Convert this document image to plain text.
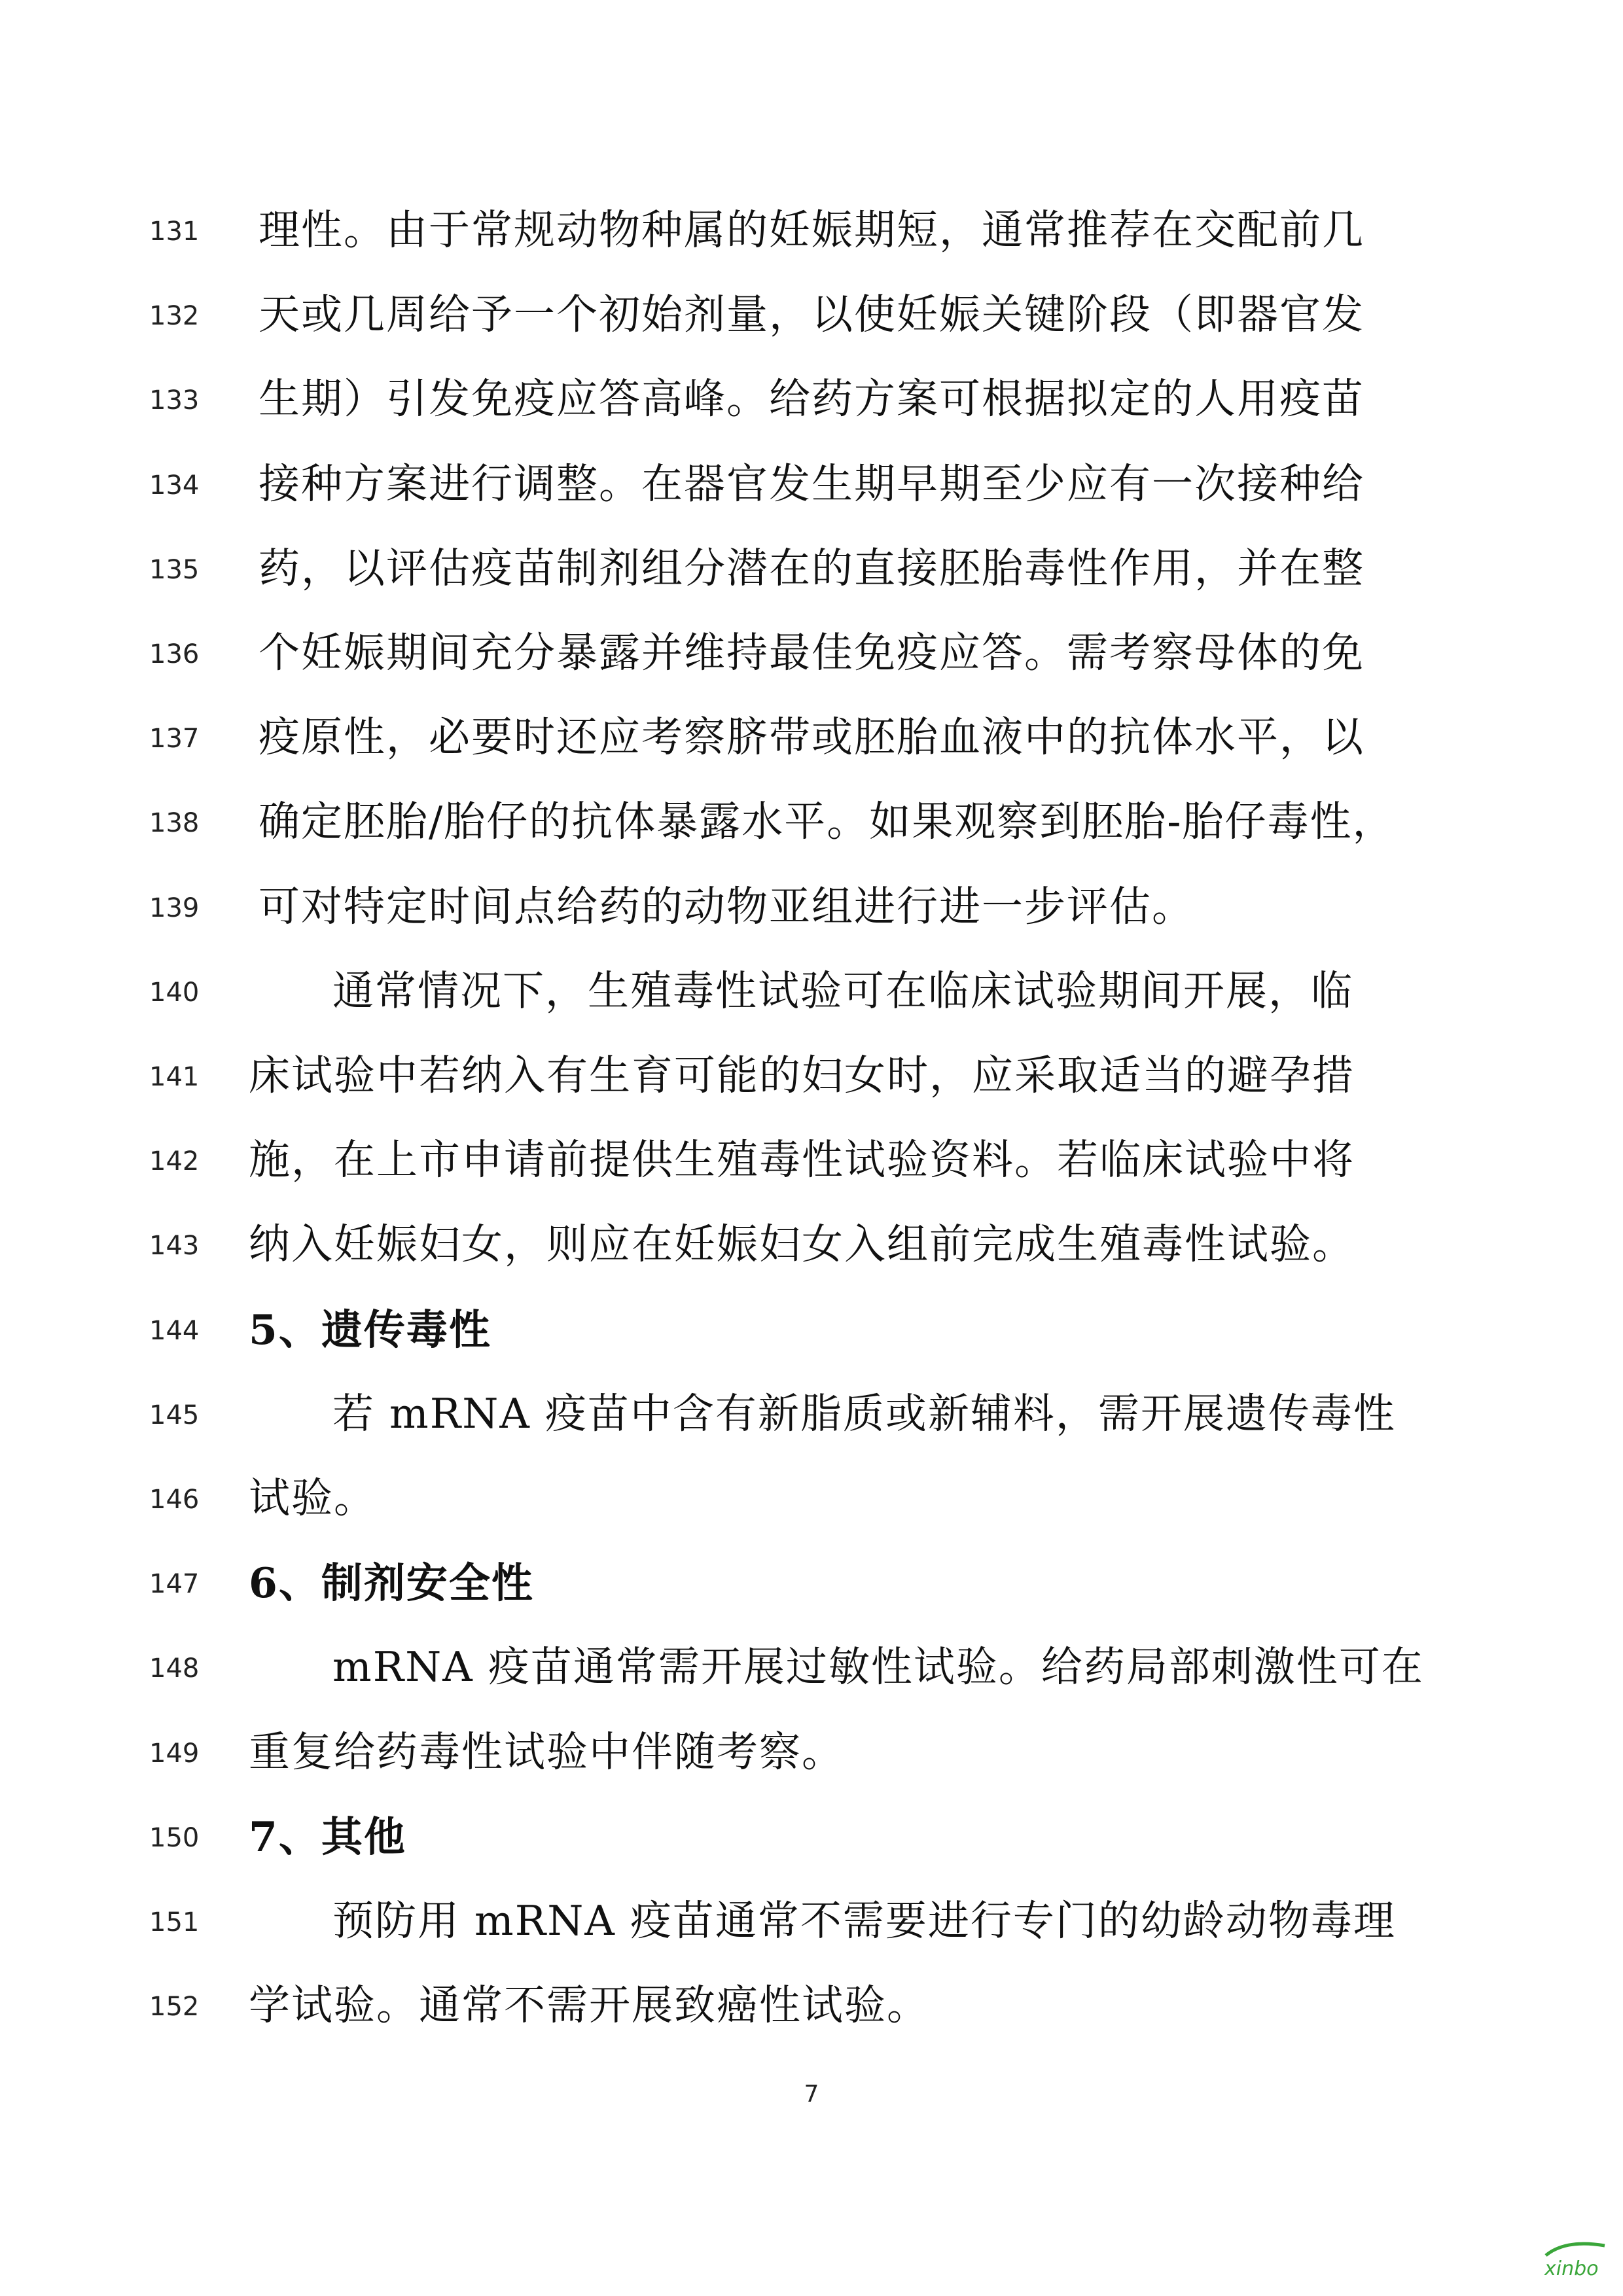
131 理性。由于常规动物种属的妊娠期短，通常推荐在交配前几
132 天或几周给予一个初始剂量，以使妊娠关键阶段（即器官发
133 生期）引发免疫应答高峰。给药方案可根据拟定的人用疫苗
134 接种方案进行调整。在器官发生期早期至少应有一次接种给
135 药，以评估疫苗制剂组分潜在的直接胚胎毒性作用，并在整
136 个妊娠期间充分暴露并维持最佳免疫应答。需考察母体的免
137 疫原性，必要时还应考察脐带或胚胎血液中的抗体水平，以
138 确定胚胎/胎仔的抗体暴露水平。如果观察到胚胎-胎仔毒性，
139 可对特定时间点给药的动物亚组进行进一步评估。
140	通常情况下，生殖毒性试验可在临床试验期间开展，临
141 床试验中若纳入有生育可能的妇女时，应采取适当的避孕措
142 施，在上市申请前提供生殖毒性试验资料。若临床试验中将
143 纳入妊娠妇女，则应在妊娠妇女入组前完成生殖毒性试验。
144 5、遗传毒性
145	若 mRNA 疫苗中含有新脂质或新辅料，需开展遗传毒性
146 试验。
147 6、制剂安全性
148	mRNA 疫苗通常需开展过敏性试验。给药局部刺激性可在
149 重复给药毒性试验中伴随考察。
150 7、其他
151	预防用 mRNA 疫苗通常不需要进行专门的幼龄动物毒理
152 学试验。通常不需开展致癌性试验。
7
xinbo
